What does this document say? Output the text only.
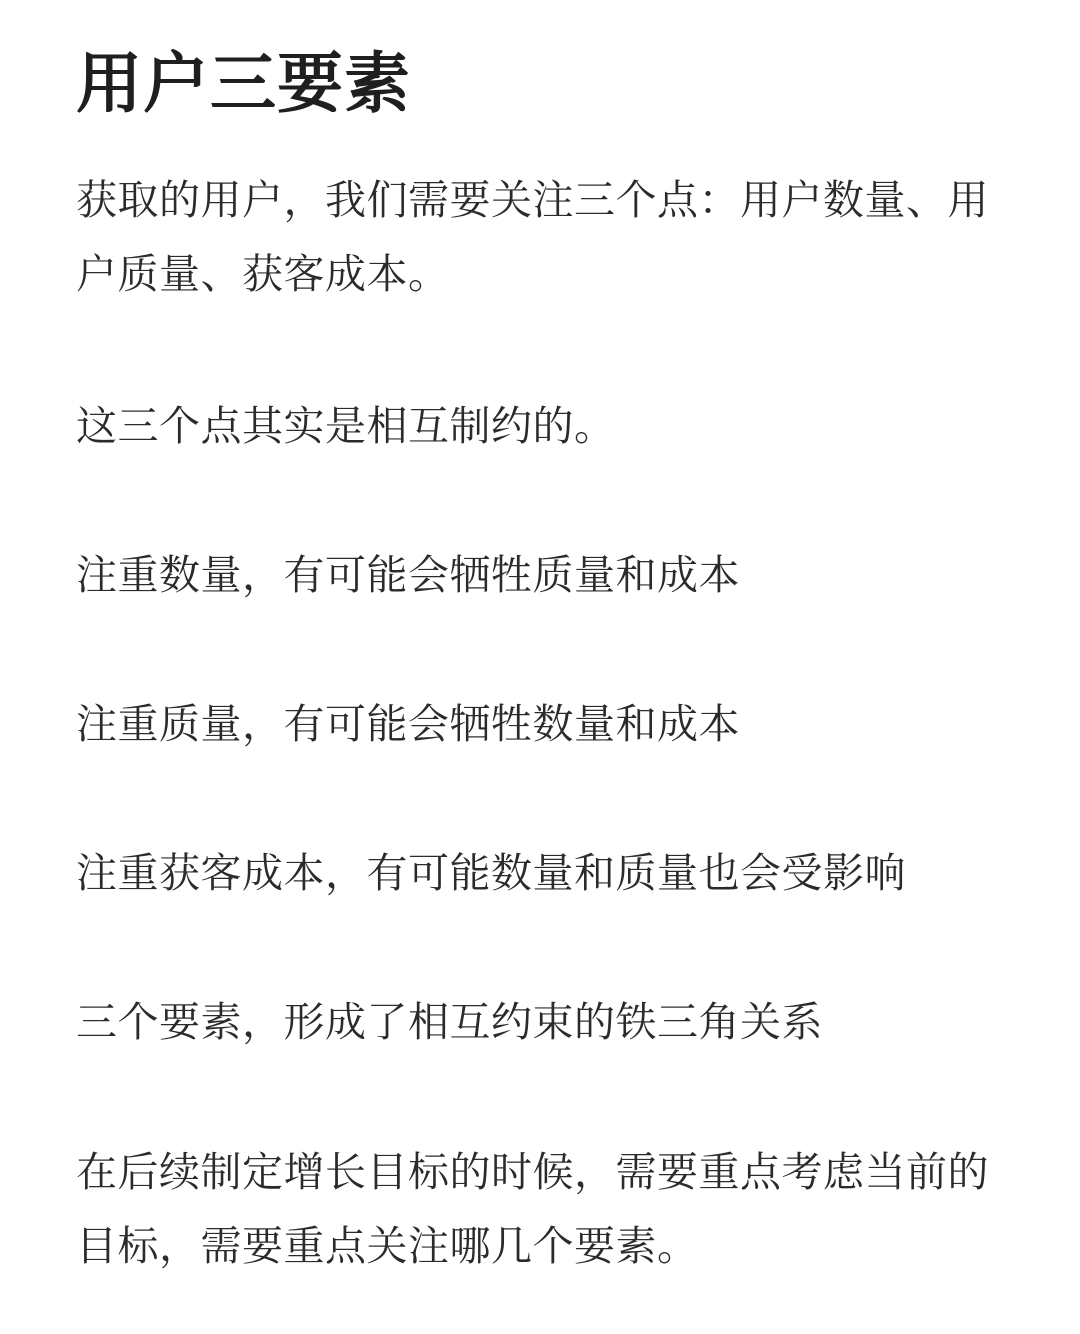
用户三要素

获取的用户，我们需要关注三个点：用户数量、用户质量、获客成本。

这三个点其实是相互制约的。

注重数量，有可能会牺牲质量和成本

注重质量，有可能会牺牲数量和成本

注重获客成本，有可能数量和质量也会受影响

三个要素，形成了相互约束的铁三角关系

在后续制定增长目标的时候，需要重点考虑当前的目标，需要重点关注哪几个要素。
